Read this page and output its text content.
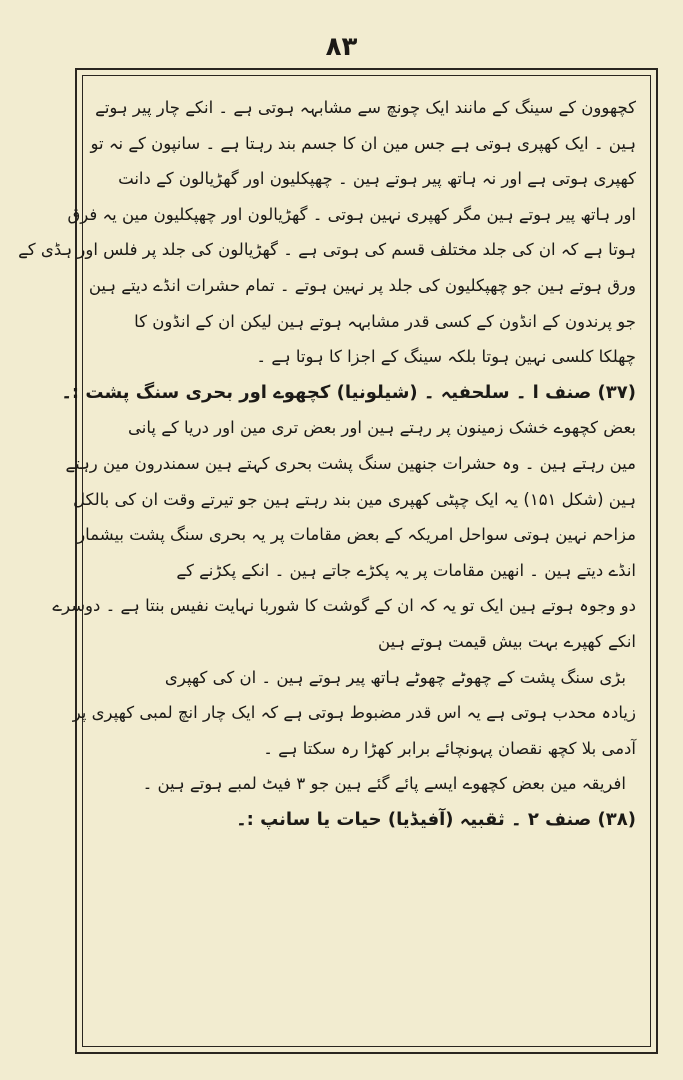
۸۳
کچھوون کے سینگ کے مانند ایک چونچ سے مشابہہ ہوتی ہے ۔ انکے چار پیر ہوتے
ہین ۔ ایک کھپری ہوتی ہے جس مین ان کا جسم بند رہتا ہے ۔ سانپون کے نہ تو
کھپری ہوتی ہے اور نہ ہاتھ پیر ہوتے ہین ۔ چھپکلیون اور گھڑیالون کے دانت
اور ہاتھ پیر ہوتے ہین مگر کھپری نہین ہوتی ۔ گھڑیالون اور چھپکلیون مین یہ فرق
ہوتا ہے کہ ان کی جلد مختلف قسم کی ہوتی ہے ۔ گھڑیالون کی جلد پر فلس اور ہڈی کے
ورق ہوتے ہین جو چھپکلیون کی جلد پر نہین ہوتے ۔ تمام حشرات انڈے دیتے ہین
جو پرندون کے انڈون کے کسی قدر مشابہہ ہوتے ہین لیکن ان کے انڈون کا
چھلکا کلسی نہین ہوتا بلکہ سینگ کے اجزا کا ہوتا ہے ۔
(۳۷) صنف ا ۔ سلحفیہ ۔ (شیلونیا) کچھوے اور بحری سنگ پشت :۔
بعض کچھوے خشک زمینون پر رہتے ہین اور بعض تری مین اور دریا کے پانی
مین رہتے ہین ۔ وہ حشرات جنھین سنگ پشت بحری کہتے ہین سمندرون مین رہتے
ہین (شکل ۱۵۱) یہ ایک چپٹی کھپری مین بند رہتے ہین جو تیرتے وقت ان کی بالکل
مزاحم نہین ہوتی سواحل امریکہ کے بعض مقامات پر یہ بحری سنگ پشت بیشمار
انڈے دیتے ہین ۔ انھین مقامات پر یہ پکڑے جاتے ہین ۔ انکے پکڑنے کے
دو وجوہ ہوتے ہین ایک تو یہ کہ ان کے گوشت کا شوربا نہایت نفیس بنتا ہے ۔ دوسرے
انکے کھپرے بہت بیش قیمت ہوتے ہین
بڑی سنگ پشت کے چھوٹے چھوٹے ہاتھ پیر ہوتے ہین ۔ ان کی کھپری
زیادہ محدب ہوتی ہے یہ اس قدر مضبوط ہوتی ہے کہ ایک چار انچ لمبی کھپری پر
آدمی بلا کچھ نقصان پہونچائے برابر کھڑا رہ سکتا ہے ۔
افریقہ مین بعض کچھوے ایسے پائے گئے ہین جو ۳ فیٹ لمبے ہوتے ہین ۔
(۳۸) صنف ۲ ۔ ثقبیہ (آفیڈیا) حیات یا سانپ :۔
